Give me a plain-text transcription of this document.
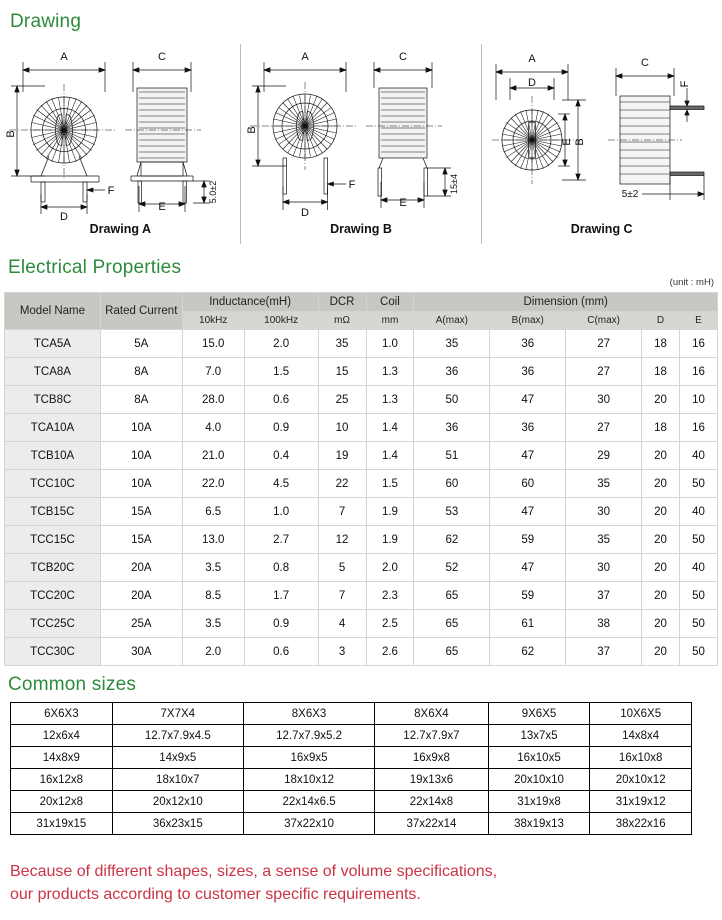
Drawing
A	C
B
D
E
F	5.0±2
A	C
B
D
E
F	15±4
A
D
C
B
E
F
5±2
Drawing A	Drawing B	Drawing C
Electrical Properties
(unit : mH)
Model Name	Rated Current	Inductance(mH)		DCR	Coil	Dimension (mm)				
		10kHz	100kHz	mΩ	mm	A(max)	B(max)	C(max)	D	E
TCA5A	5A	15.0	2.0	35	1.0	35	36	27	18	16
TCA8A	8A	7.0	1.5	15	1.3	36	36	27	18	16
TCB8C	8A	28.0	0.6	25	1.3	50	47	30	20	10
TCA10A	10A	4.0	0.9	10	1.4	36	36	27	18	16
TCB10A	10A	21.0	0.4	19	1.4	51	47	29	20	40
TCC10C	10A	22.0	4.5	22	1.5	60	60	35	20	50
TCB15C	15A	6.5	1.0	7	1.9	53	47	30	20	40
TCC15C	15A	13.0	2.7	12	1.9	62	59	35	20	50
TCB20C	20A	3.5	0.8	5	2.0	52	47	30	20	40
TCC20C	20A	8.5	1.7	7	2.3	65	59	37	20	50
TCC25C	25A	3.5	0.9	4	2.5	65	61	38	20	50
TCC30C	30A	2.0	0.6	3	2.6	65	62	37	20	50
Common sizes
6X6X3	7X7X4	8X6X3	8X6X4	9X6X5	10X6X5
12x6x4	12.7x7.9x4.5	12.7x7.9x5.2	12.7x7.9x7	13x7x5	14x8x4
14x8x9	14x9x5	16x9x5	16x9x8	16x10x5	16x10x8
16x12x8	18x10x7	18x10x12	19x13x6	20x10x10	20x10x12
20x12x8	20x12x10	22x14x6.5	22x14x8	31x19x8	31x19x12
31x19x15	36x23x15	37x22x10	37x22x14	38x19x13	38x22x16
Because of different shapes, sizes, a sense of volume specifications,
our products according to customer specific requirements.
